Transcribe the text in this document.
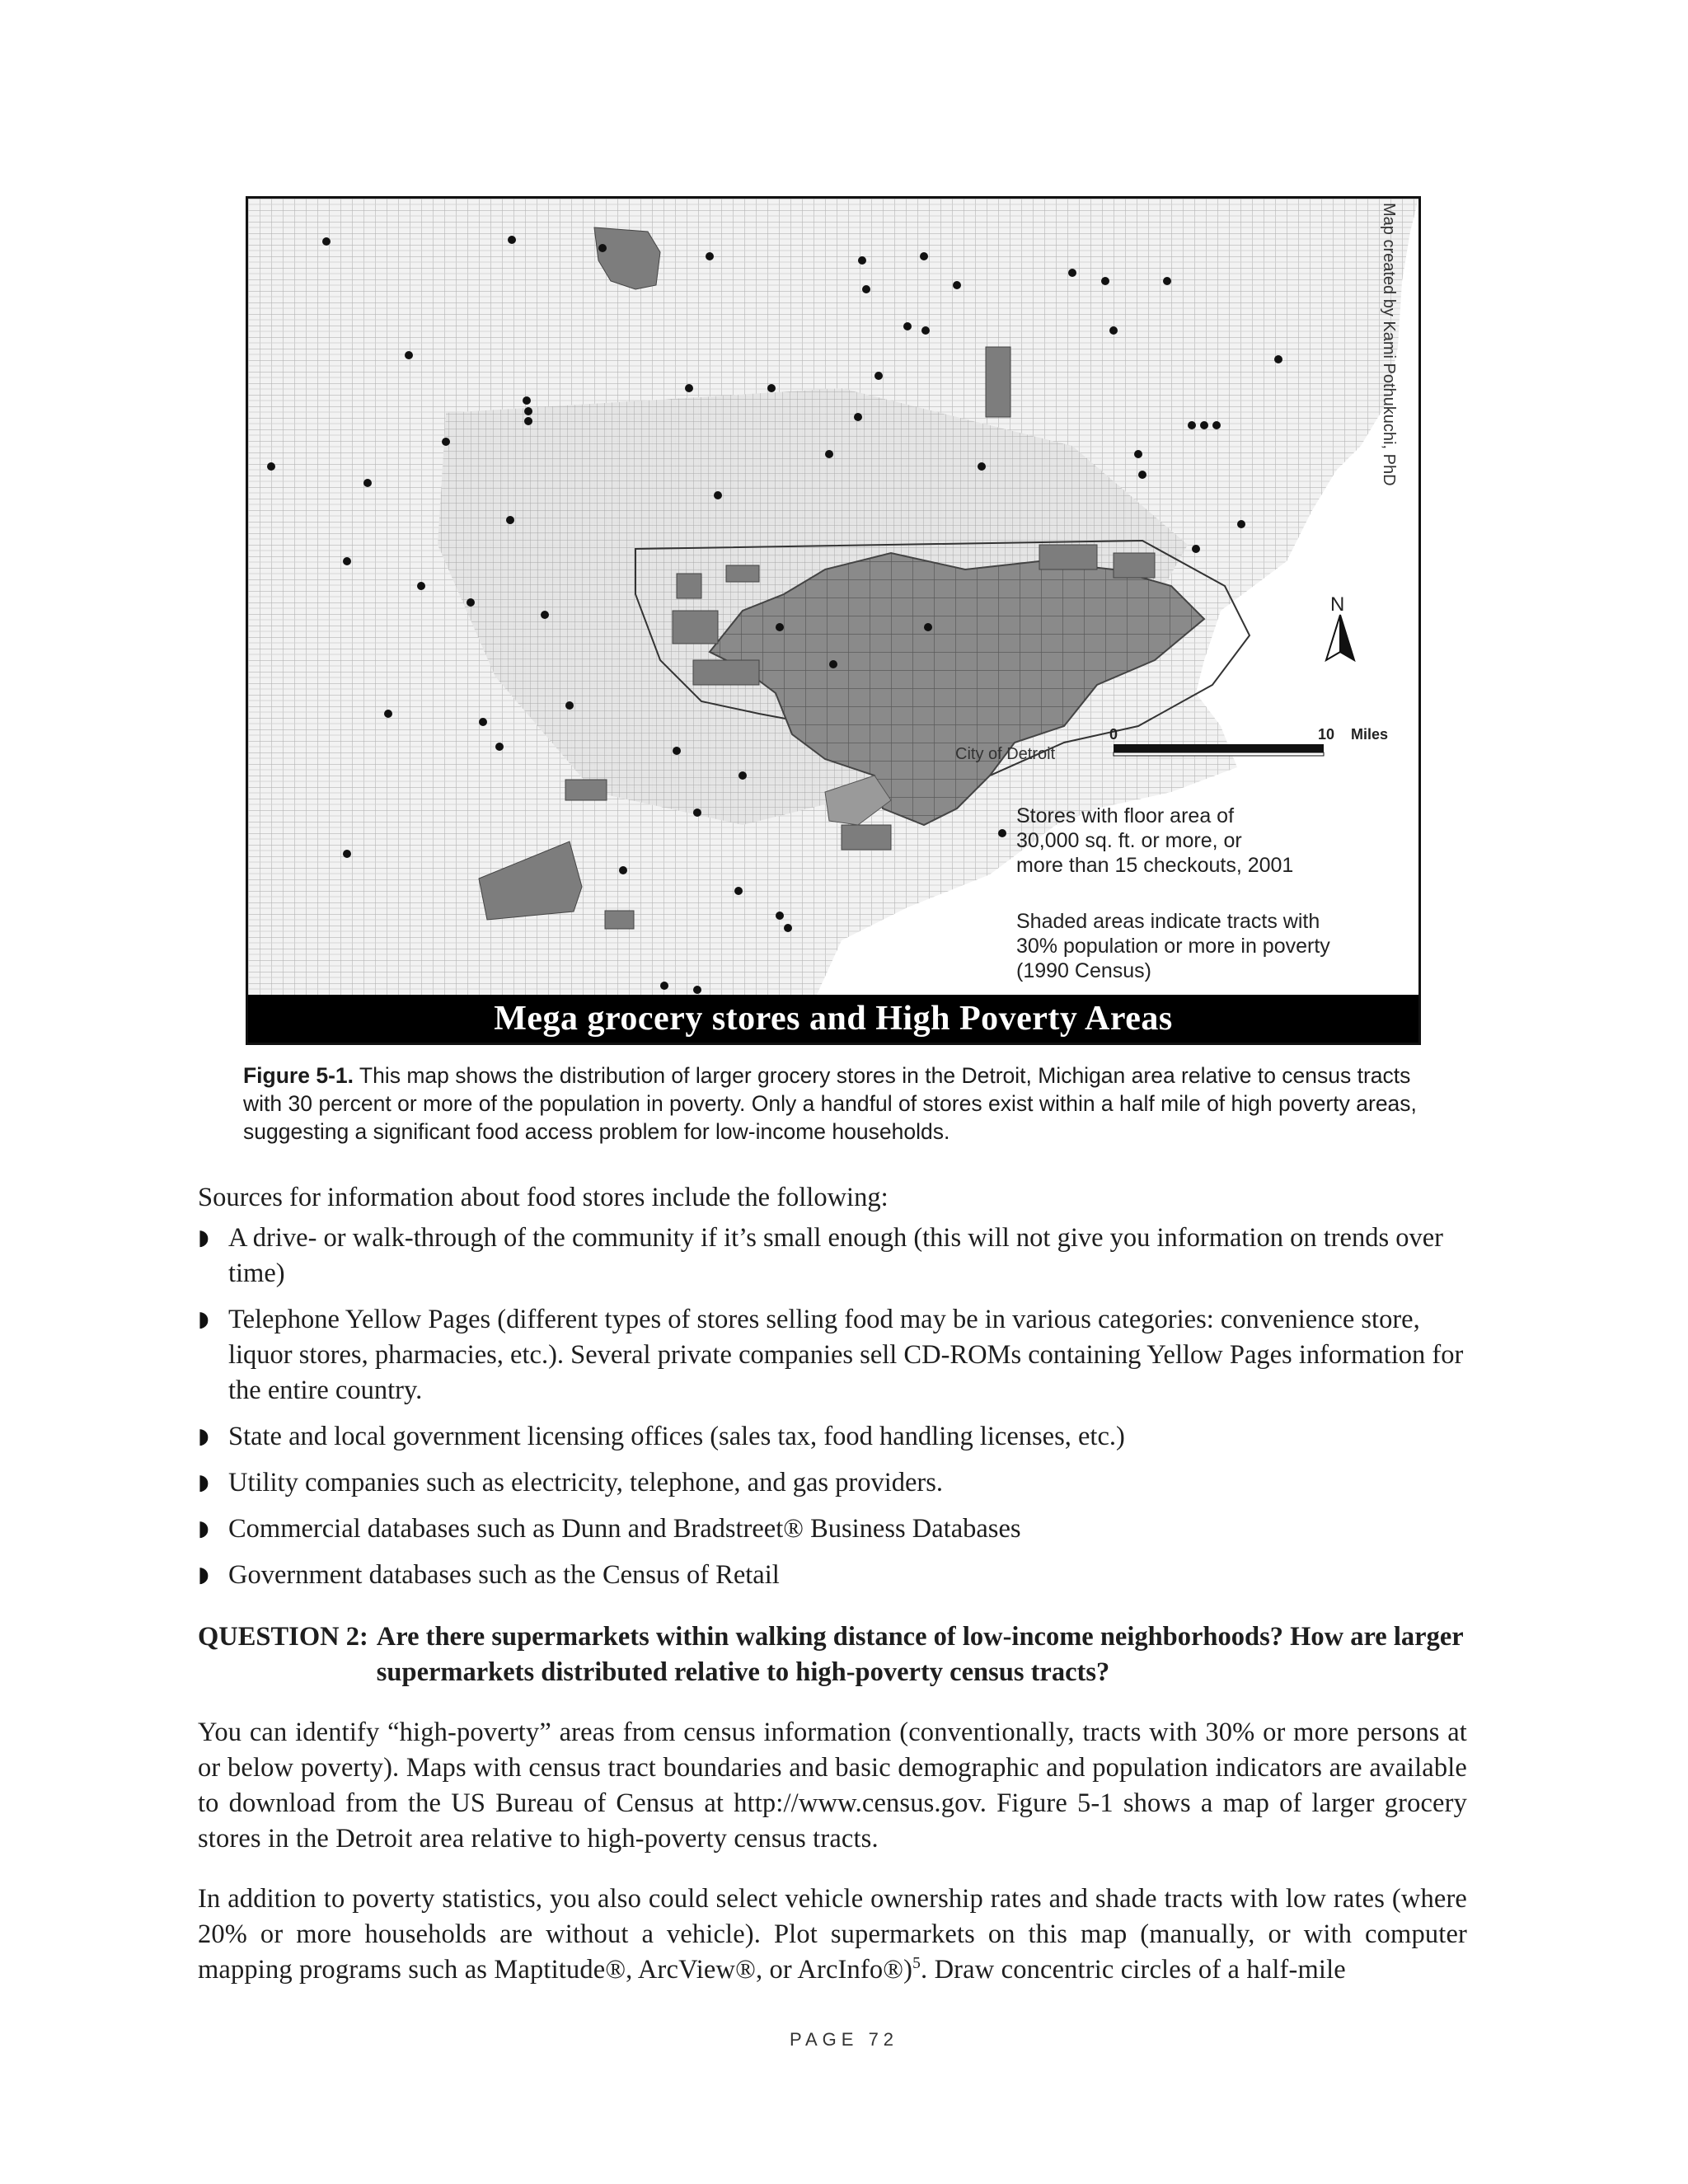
Map created by Kami Pothukuchi, PhD
N
0	10 Miles
City of Detroit
Stores with floor area of
30,000 sq. ft. or more, or
more than 15 checkouts, 2001
Shaded areas indicate tracts with
30% population or more in poverty
(1990 Census)
Mega grocery stores and High Poverty Areas
Figure 5-1. This map shows the distribution of larger grocery stores in the Detroit, Michigan area relative to census tracts with 30 percent or more of the population in poverty. Only a handful of stores exist within a half mile of high poverty areas, suggesting a significant food access problem for low-income households.

Sources for information about food stores include the following:

◗ A drive- or walk-through of the community if it’s small enough (this will not give you information on trends over time)
◗ Telephone Yellow Pages (different types of stores selling food may be in various categories: convenience store, liquor stores, pharmacies, etc.). Several private companies sell CD-ROMs containing Yellow Pages information for the entire country.
◗ State and local government licensing offices (sales tax, food handling licenses, etc.)
◗ Utility companies such as electricity, telephone, and gas providers.
◗ Commercial databases such as Dunn and Bradstreet® Business Databases
◗ Government databases such as the Census of Retail

QUESTION 2: Are there supermarkets within walking distance of low-income neighborhoods? How are larger supermarkets distributed relative to high-poverty census tracts?

You can identify “high-poverty” areas from census information (conventionally, tracts with 30% or more persons at or below poverty). Maps with census tract boundaries and basic demographic and population indicators are available to download from the US Bureau of Census at http://www.census.gov. Figure 5-1 shows a map of larger grocery stores in the Detroit area relative to high-poverty census tracts.

In addition to poverty statistics, you also could select vehicle ownership rates and shade tracts with low rates (where 20% or more households are without a vehicle). Plot supermarkets on this map (manually, or with computer mapping programs such as Maptitude®, ArcView®, or ArcInfo®)$^5$. Draw concentric circles of a half-mile

PAGE 72
